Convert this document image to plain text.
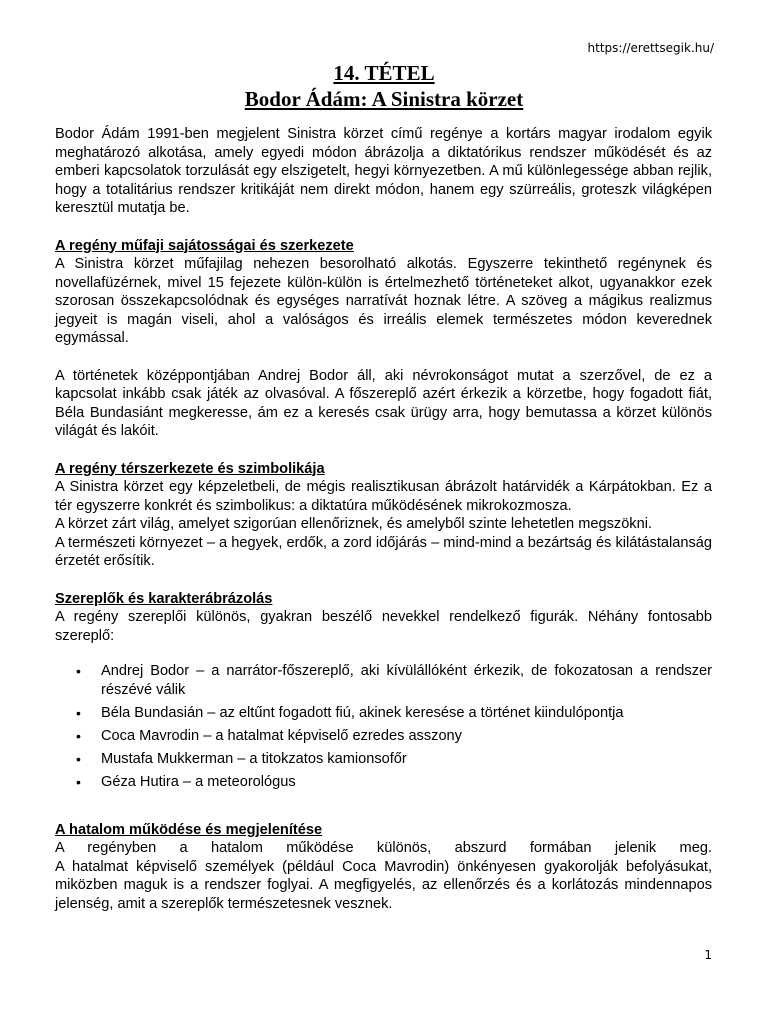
https://erettsegik.hu/
14. TÉTEL
Bodor Ádám: A Sinistra körzet

Bodor Ádám 1991-ben megjelent Sinistra körzet című regénye a kortárs magyar irodalom egyik meghatározó alkotása, amely egyedi módon ábrázolja a diktatórikus rendszer működését és az emberi kapcsolatok torzulását egy elszigetelt, hegyi környezetben. A mű különlegessége abban rejlik, hogy a totalitárius rendszer kritikáját nem direkt módon, hanem egy szürreális, groteszk világképen keresztül mutatja be.

A regény műfaji sajátosságai és szerkezete

A Sinistra körzet műfajilag nehezen besorolható alkotás. Egyszerre tekinthető regénynek és novellafüzérnek, mivel 15 fejezete külön-külön is értelmezhető történeteket alkot, ugyanakkor ezek szorosan összekapcsolódnak és egységes narratívát hoznak létre. A szöveg a mágikus realizmus jegyeit is magán viseli, ahol a valóságos és irreális elemek természetes módon keverednek egymással.

A történetek középpontjában Andrej Bodor áll, aki névrokonságot mutat a szerzővel, de ez a kapcsolat inkább csak játék az olvasóval. A főszereplő azért érkezik a körzetbe, hogy fogadott fiát, Béla Bundasiánt megkeresse, ám ez a keresés csak ürügy arra, hogy bemutassa a körzet különös világát és lakóit.

A regény térszerkezete és szimbolikája

A Sinistra körzet egy képzeletbeli, de mégis realisztikusan ábrázolt határvidék a Kárpátokban. Ez a tér egyszerre konkrét és szimbolikus: a diktatúra működésének mikrokozmosza.

A körzet zárt világ, amelyet szigorúan ellenőriznek, és amelyből szinte lehetetlen megszökni.

A természeti környezet – a hegyek, erdők, a zord időjárás – mind-mind a bezártság és kilátástalanság érzetét erősítik.

Szereplők és karakterábrázolás

A regény szereplői különös, gyakran beszélő nevekkel rendelkező figurák. Néhány fontosabb szereplő:

• Andrej Bodor – a narrátor-főszereplő, aki kívülállóként érkezik, de fokozatosan a rendszer részévé válik
• Béla Bundasián – az eltűnt fogadott fiú, akinek keresése a történet kiindulópontja
• Coca Mavrodin – a hatalmat képviselő ezredes asszony
• Mustafa Mukkerman – a titokzatos kamionsofőr
• Géza Hutira – a meteorológus
A hatalom működése és megjelenítése

A regényben a hatalom működése különös, abszurd formában jelenik meg.

A hatalmat képviselő személyek (például Coca Mavrodin) önkényesen gyakorolják befolyásukat, miközben maguk is a rendszer foglyai. A megfigyelés, az ellenőrzés és a korlátozás mindennapos jelenség, amit a szereplők természetesnek vesznek.

1
